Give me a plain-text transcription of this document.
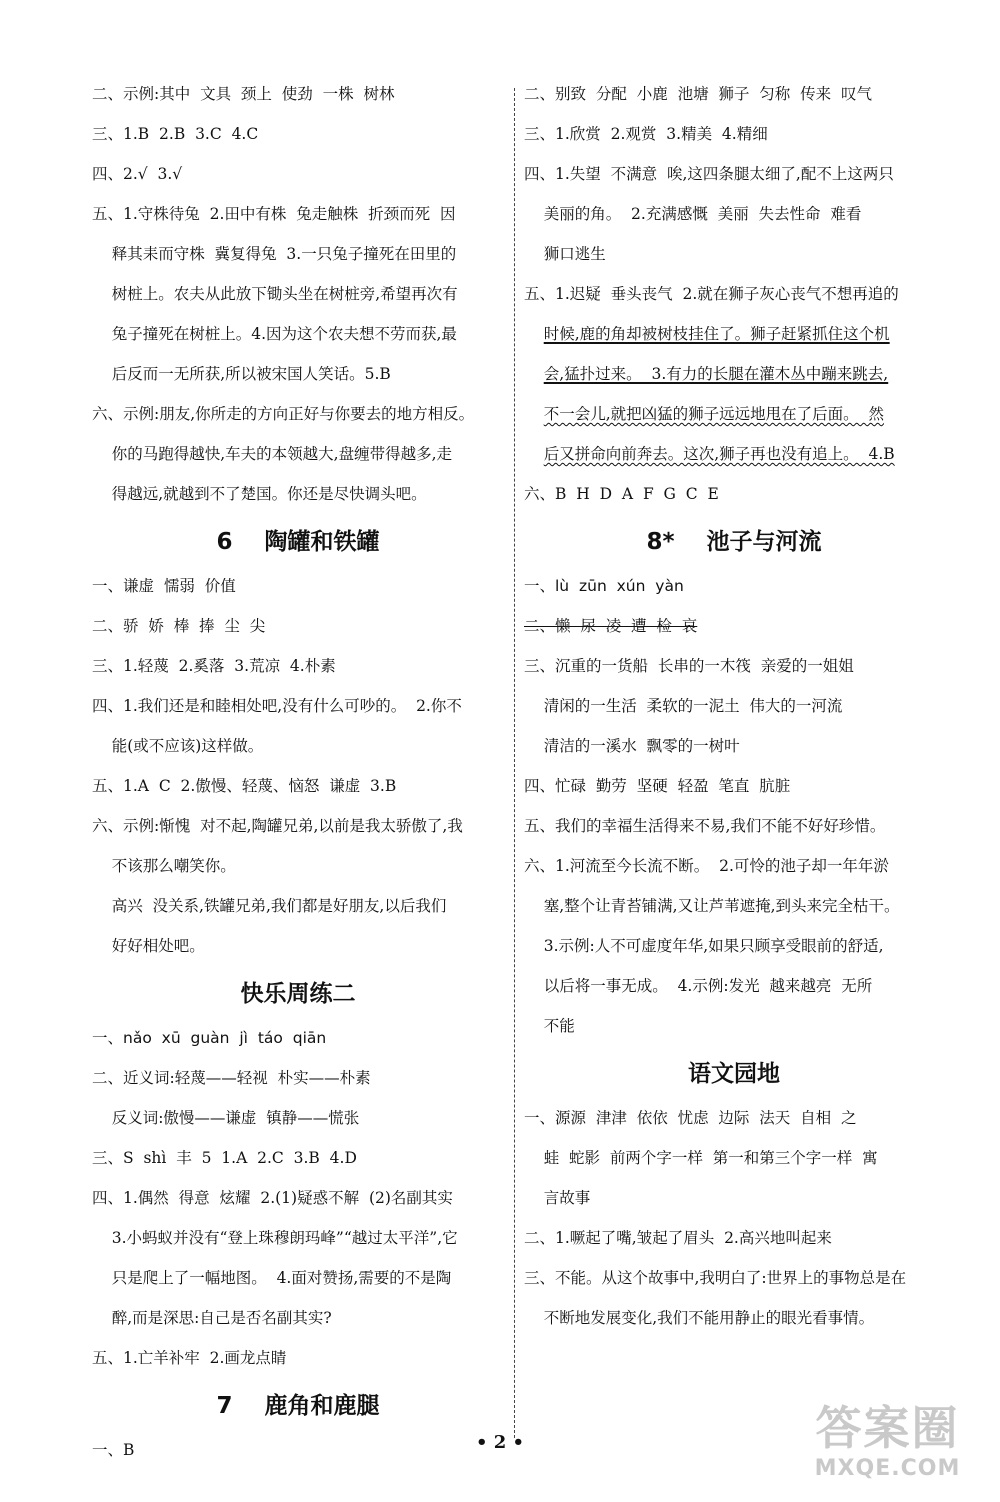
二、示例:其中  文具  颈上  使劲  一株  树林
三、1.B  2.B  3.C  4.C
四、2.√  3.√
五、1.守株待兔  2.田中有株  兔走触株  折颈而死  因
释其耒而守株  冀复得兔  3.一只兔子撞死在田里的
树桩上。农夫从此放下锄头坐在树桩旁,希望再次有
兔子撞死在树桩上。4.因为这个农夫想不劳而获,最
后反而一无所获,所以被宋国人笑话。5.B
六、示例:朋友,你所走的方向正好与你要去的地方相反。
你的马跑得越快,车夫的本领越大,盘缠带得越多,走
得越远,就越到不了楚国。你还是尽快调头吧。
6    陶罐和铁罐
一、谦虚  懦弱  价值
二、骄  娇  棒  捧  尘  尖
三、1.轻蔑  2.奚落  3.荒凉  4.朴素
四、1.我们还是和睦相处吧,没有什么可吵的。  2.你不
能(或不应该)这样做。
五、1.A  C  2.傲慢、轻蔑、恼怒  谦虚  3.B
六、示例:惭愧  对不起,陶罐兄弟,以前是我太骄傲了,我
不该那么嘲笑你。
高兴  没关系,铁罐兄弟,我们都是好朋友,以后我们
好好相处吧。
快乐周练二
一、nǎo  xū  guàn  jì  táo  qiān
二、近义词:轻蔑——轻视  朴实——朴素
反义词:傲慢——谦虚  镇静——慌张
三、S  shì  丰  5  1.A  2.C  3.B  4.D
四、1.偶然  得意  炫耀  2.(1)疑惑不解  (2)名副其实
3.小蚂蚁并没有“登上珠穆朗玛峰”“越过太平洋”,它
只是爬上了一幅地图。  4.面对赞扬,需要的不是陶
醉,而是深思:自己是否名副其实?
五、1.亡羊补牢  2.画龙点睛
7    鹿角和鹿腿
一、B
二、别致  分配  小鹿  池塘  狮子  匀称  传来  叹气
三、1.欣赏  2.观赏  3.精美  4.精细
四、1.失望  不满意  唉,这四条腿太细了,配不上这两只
美丽的角。  2.充满感慨  美丽  失去性命  难看
狮口逃生
五、1.迟疑  垂头丧气  2.就在狮子灰心丧气不想再追的
时候,鹿的角却被树枝挂住了。狮子赶紧抓住这个机
会,猛扑过来。  3.有力的长腿在灌木丛中蹦来跳去,
不一会儿,就把凶猛的狮子远远地甩在了后面。  然
后又拼命向前奔去。这次,狮子再也没有追上。  4.B
六、B  H  D  A  F  G  C  E
8*    池子与河流
一、lù  zūn  xún  yàn
二、懒  尿  凌  遭  检  哀
三、沉重的一货船  长串的一木筏  亲爱的一姐姐
清闲的一生活  柔软的一泥土  伟大的一河流
清洁的一溪水  飘零的一树叶
四、忙碌  勤劳  坚硬  轻盈  笔直  肮脏
五、我们的幸福生活得来不易,我们不能不好好珍惜。
六、1.河流至今长流不断。  2.可怜的池子却一年年淤
塞,整个让青苔铺满,又让芦苇遮掩,到头来完全枯干。
3.示例:人不可虚度年华,如果只顾享受眼前的舒适,
以后将一事无成。  4.示例:发光  越来越亮  无所
不能
语文园地
一、源源  津津  依依  忧虑  边际  法天  自相  之
蛙  蛇影  前两个字一样  第一和第三个字一样  寓
言故事
二、1.噘起了嘴,皱起了眉头  2.高兴地叫起来
三、不能。从这个故事中,我明白了:世界上的事物总是在
不断地发展变化,我们不能用静止的眼光看事情。
• 2 •	答案圈
MXQE.COM
